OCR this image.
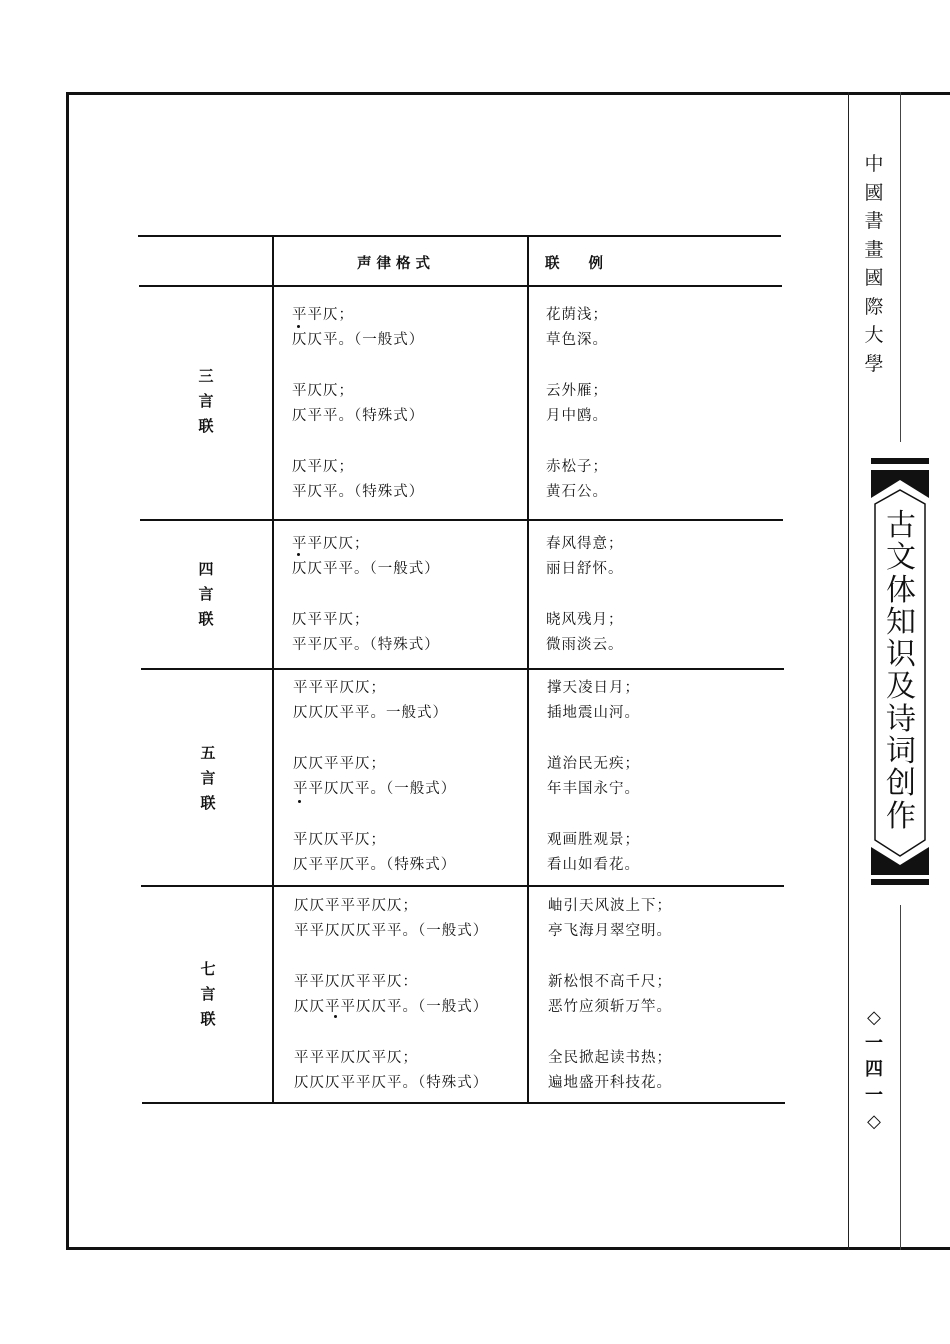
中
國
書
畫
國
際
大
學
古
文
体
知
识
及
诗
词
创
作
◇
一
四
一
◇
声律格式	联　　例
三
言
联
平平仄；
仄仄平。（一般式）
平仄仄；
仄平平。（特殊式）
仄平仄；
平仄平。（特殊式）
花荫浅；
草色深。
云外雁；
月中鸥。
赤松子；
黄石公。
四
言
联
平平仄仄；
仄仄平平。（一般式）
仄平平仄；
平平仄平。（特殊式）
春风得意；
丽日舒怀。
晓风残月；
微雨淡云。
五
言
联
平平平仄仄；
仄仄仄平平。一般式）
仄仄平平仄；
平平仄仄平。（一般式）
平仄仄平仄；
仄平平仄平。（特殊式）
撑天凌日月；
插地震山河。
道治民无疾；
年丰国永宁。
观画胜观景；
看山如看花。
七
言
联
仄仄平平平仄仄；
平平仄仄仄平平。（一般式）
平平仄仄平平仄：
仄仄平平仄仄平。（一般式）
平平平仄仄平仄；
仄仄仄平平仄平。（特殊式）
岫引天风波上下；
亭飞海月翠空明。
新松恨不高千尺；
恶竹应须斩万竿。
全民掀起读书热；
遍地盛开科技花。
